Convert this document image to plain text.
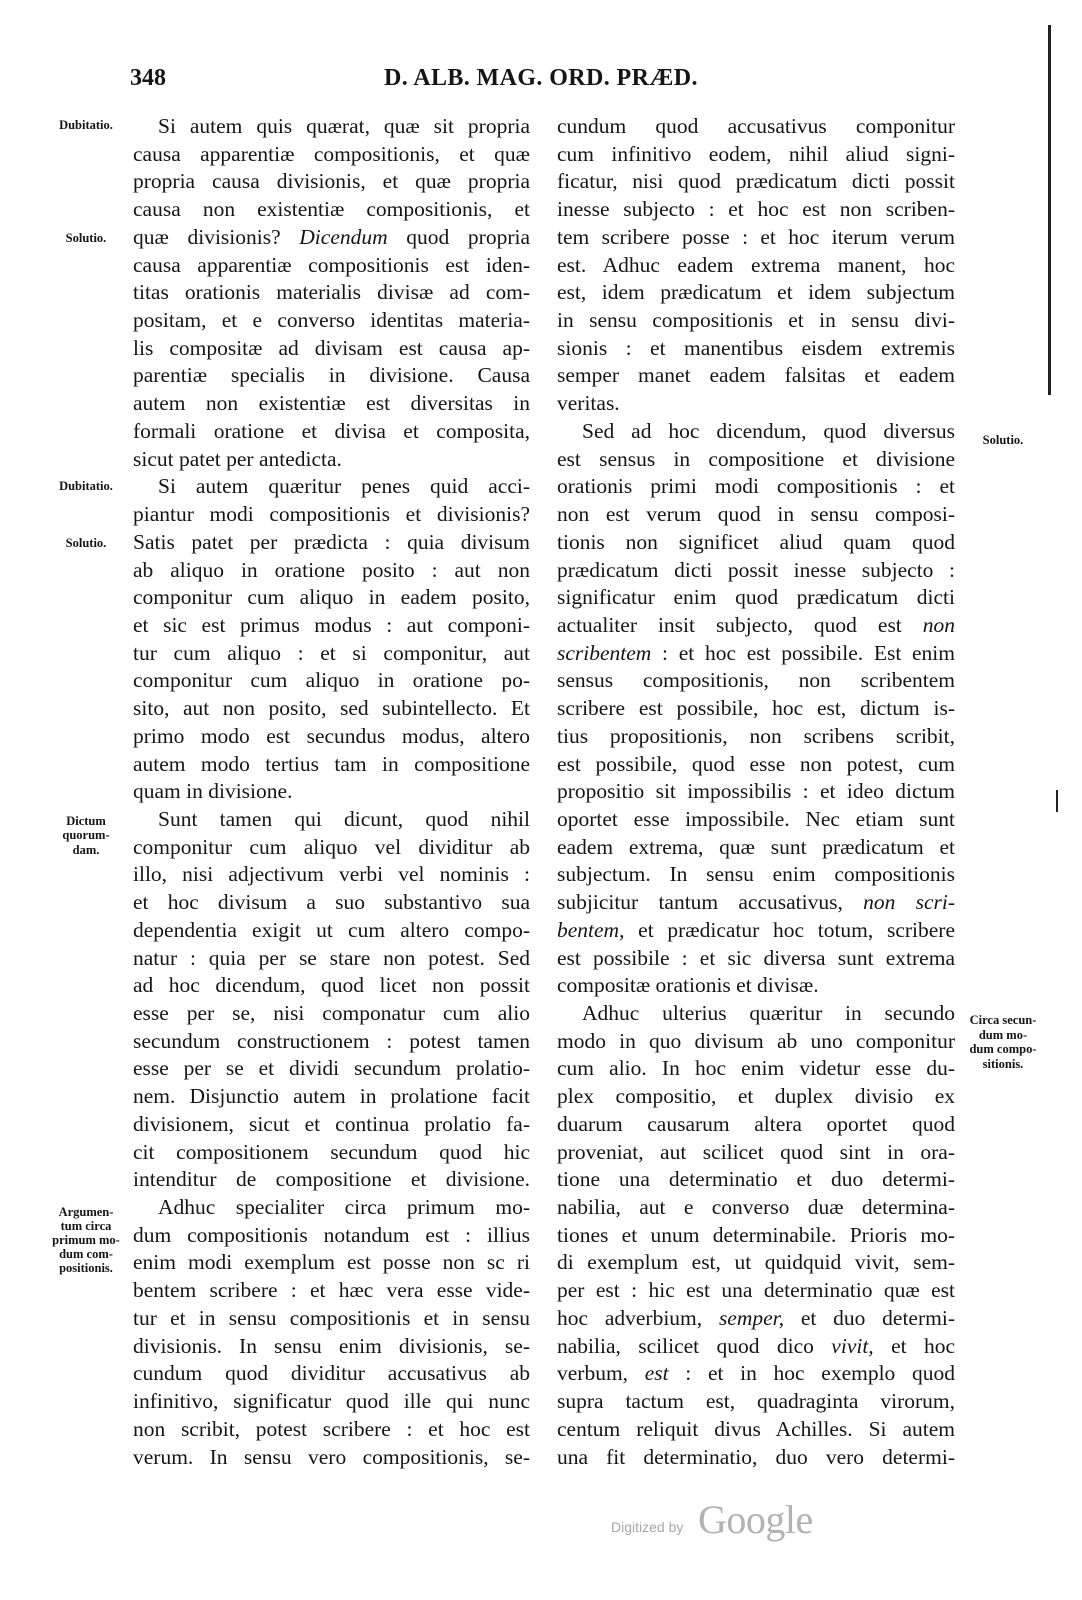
348	D. ALB. MAG. ORD. PRÆD.
Dubitatio.
Solutio.
Dubitatio.
Solutio.
Dictum
quorum-
dam.
Argumen-
tum circa
primum mo-
dum com-
positionis.
Solutio.
Circa secun-
dum mo-
dum compo-
sitionis.
Si autem quis quærat, quæ sit propria
causa apparentiæ compositionis, et quæ
propria causa divisionis, et quæ propria
causa non existentiæ compositionis, et
quæ divisionis? Dicendum quod propria
causa apparentiæ compositionis est iden-
titas orationis materialis divisæ ad com-
positam, et e converso identitas materia-
lis compositæ ad divisam est causa ap-
parentiæ specialis in divisione. Causa
autem non existentiæ est diversitas in
formali oratione et divisa et composita,
sicut patet per antedicta.
Si autem quæritur penes quid acci-
piantur modi compositionis et divisionis?
Satis patet per prædicta : quia divisum
ab aliquo in oratione posito : aut non
componitur cum aliquo in eadem posito,
et sic est primus modus : aut componi-
tur cum aliquo : et si componitur, aut
componitur cum aliquo in oratione po-
sito, aut non posito, sed subintellecto. Et
primo modo est secundus modus, altero
autem modo tertius tam in compositione
quam in divisione.
Sunt tamen qui dicunt, quod nihil
componitur cum aliquo vel dividitur ab
illo, nisi adjectivum verbi vel nominis :
et hoc divisum a suo substantivo sua
dependentia exigit ut cum altero compo-
natur : quia per se stare non potest. Sed
ad hoc dicendum, quod licet non possit
esse per se, nisi componatur cum alio
secundum constructionem : potest tamen
esse per se et dividi secundum prolatio-
nem. Disjunctio autem in prolatione facit
divisionem, sicut et continua prolatio fa-
cit compositionem secundum quod hic
intenditur de compositione et divisione.
Adhuc specialiter circa primum mo-
dum compositionis notandum est : illius
enim modi exemplum est posse non sc ri
bentem scribere : et hæc vera esse vide-
tur et in sensu compositionis et in sensu
divisionis. In sensu enim divisionis, se-
cundum quod dividitur accusativus ab
infinitivo, significatur quod ille qui nunc
non scribit, potest scribere : et hoc est
verum. In sensu vero compositionis, se-
cundum quod accusativus componitur
cum infinitivo eodem, nihil aliud signi-
ficatur, nisi quod prædicatum dicti possit
inesse subjecto : et hoc est non scriben-
tem scribere posse : et hoc iterum verum
est. Adhuc eadem extrema manent, hoc
est, idem prædicatum et idem subjectum
in sensu compositionis et in sensu divi-
sionis : et manentibus eisdem extremis
semper manet eadem falsitas et eadem
veritas.
Sed ad hoc dicendum, quod diversus
est sensus in compositione et divisione
orationis primi modi compositionis : et
non est verum quod in sensu composi-
tionis non significet aliud quam quod
prædicatum dicti possit inesse subjecto :
significatur enim quod prædicatum dicti
actualiter insit subjecto, quod est non
scribentem : et hoc est possibile. Est enim
sensus compositionis, non scribentem
scribere est possibile, hoc est, dictum is-
tius propositionis, non scribens scribit,
est possibile, quod esse non potest, cum
propositio sit impossibilis : et ideo dictum
oportet esse impossibile. Nec etiam sunt
eadem extrema, quæ sunt prædicatum et
subjectum. In sensu enim compositionis
subjicitur tantum accusativus, non scri-
bentem, et prædicatur hoc totum, scribere
est possibile : et sic diversa sunt extrema
compositæ orationis et divisæ.
Adhuc ulterius quæritur in secundo
modo in quo divisum ab uno componitur
cum alio. In hoc enim videtur esse du-
plex compositio, et duplex divisio ex
duarum causarum altera oportet quod
proveniat, aut scilicet quod sint in ora-
tione una determinatio et duo determi-
nabilia, aut e converso duæ determina-
tiones et unum determinabile. Prioris mo-
di exemplum est, ut quidquid vivit, sem-
per est : hic est una determinatio quæ est
hoc adverbium, semper, et duo determi-
nabilia, scilicet quod dico vivit, et hoc
verbum, est : et in hoc exemplo quod
supra tactum est, quadraginta virorum,
centum reliquit divus Achilles. Si autem
una fit determinatio, duo vero determi-
Digitized by Google
